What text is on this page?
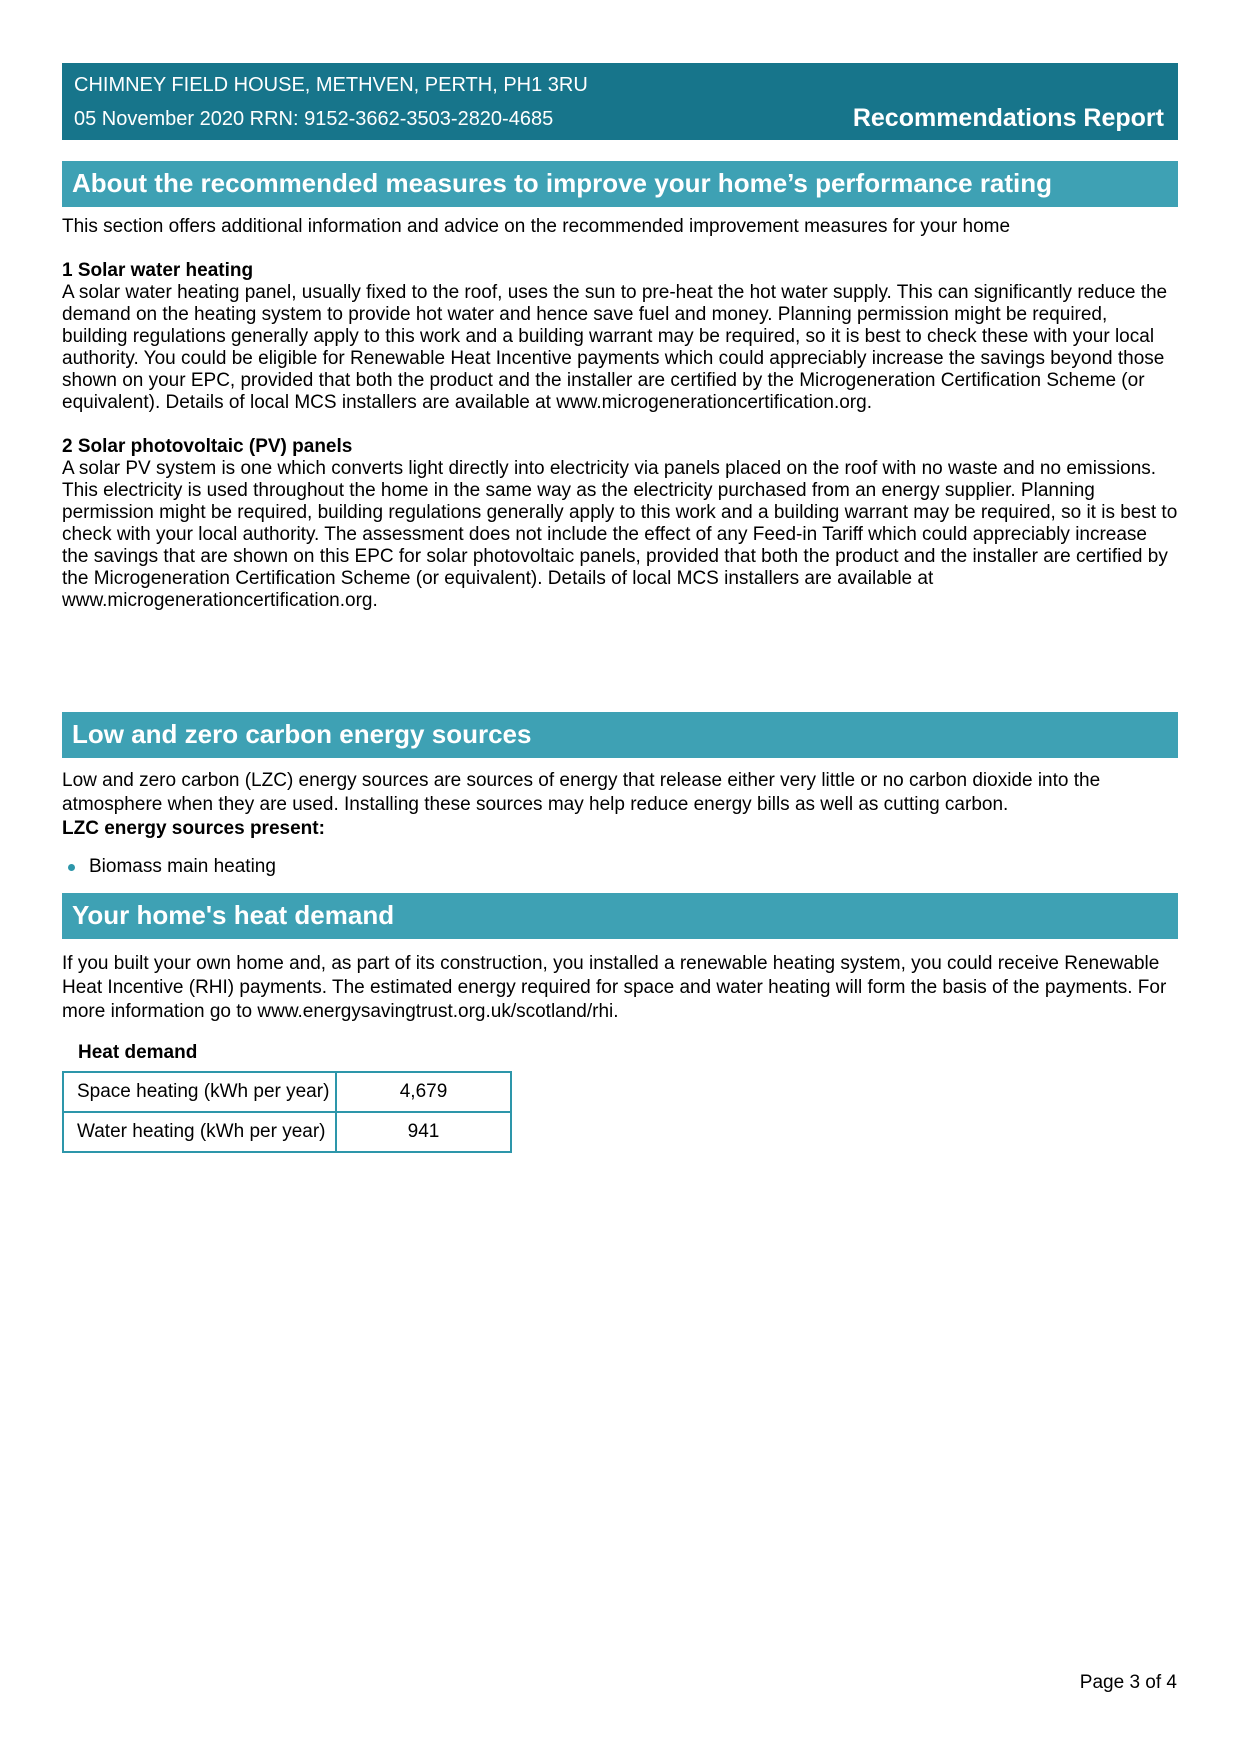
CHIMNEY FIELD HOUSE, METHVEN, PERTH, PH1 3RU
05 November 2020 RRN: 9152-3662-3503-2820-4685	Recommendations Report
About the recommended measures to improve your home’s performance rating

This section offers additional information and advice on the recommended improvement measures for your home

1 Solar water heating

A solar water heating panel, usually fixed to the roof, uses the sun to pre-heat the hot water supply. This can significantly reduce the demand on the heating system to provide hot water and hence save fuel and money. Planning permission might be required, building regulations generally apply to this work and a building warrant may be required, so it is best to check these with your local authority. You could be eligible for Renewable Heat Incentive payments which could appreciably increase the savings beyond those shown on your EPC, provided that both the product and the installer are certified by the Microgeneration Certification Scheme (or equivalent). Details of local MCS installers are available at www.microgenerationcertification.org.

2 Solar photovoltaic (PV) panels

A solar PV system is one which converts light directly into electricity via panels placed on the roof with no waste and no emissions. This electricity is used throughout the home in the same way as the electricity purchased from an energy supplier. Planning permission might be required, building regulations generally apply to this work and a building warrant may be required, so it is best to check with your local authority. The assessment does not include the effect of any Feed-in Tariff which could appreciably increase the savings that are shown on this EPC for solar photovoltaic panels, provided that both the product and the installer are certified by the Microgeneration Certification Scheme (or equivalent). Details of local MCS installers are available at www.microgenerationcertification.org.

Low and zero carbon energy sources

Low and zero carbon (LZC) energy sources are sources of energy that release either very little or no carbon dioxide into the atmosphere when they are used. Installing these sources may help reduce energy bills as well as cutting carbon.

LZC energy sources present:
Biomass main heating
Your home's heat demand

If you built your own home and, as part of its construction, you installed a renewable heating system, you could receive Renewable Heat Incentive (RHI) payments. The estimated energy required for space and water heating will form the basis of the payments. For more information go to www.energysavingtrust.org.uk/scotland/rhi.

Heat demand
Space heating (kWh per year)	4,679
Water heating (kWh per year)	941
Page 3 of 4
